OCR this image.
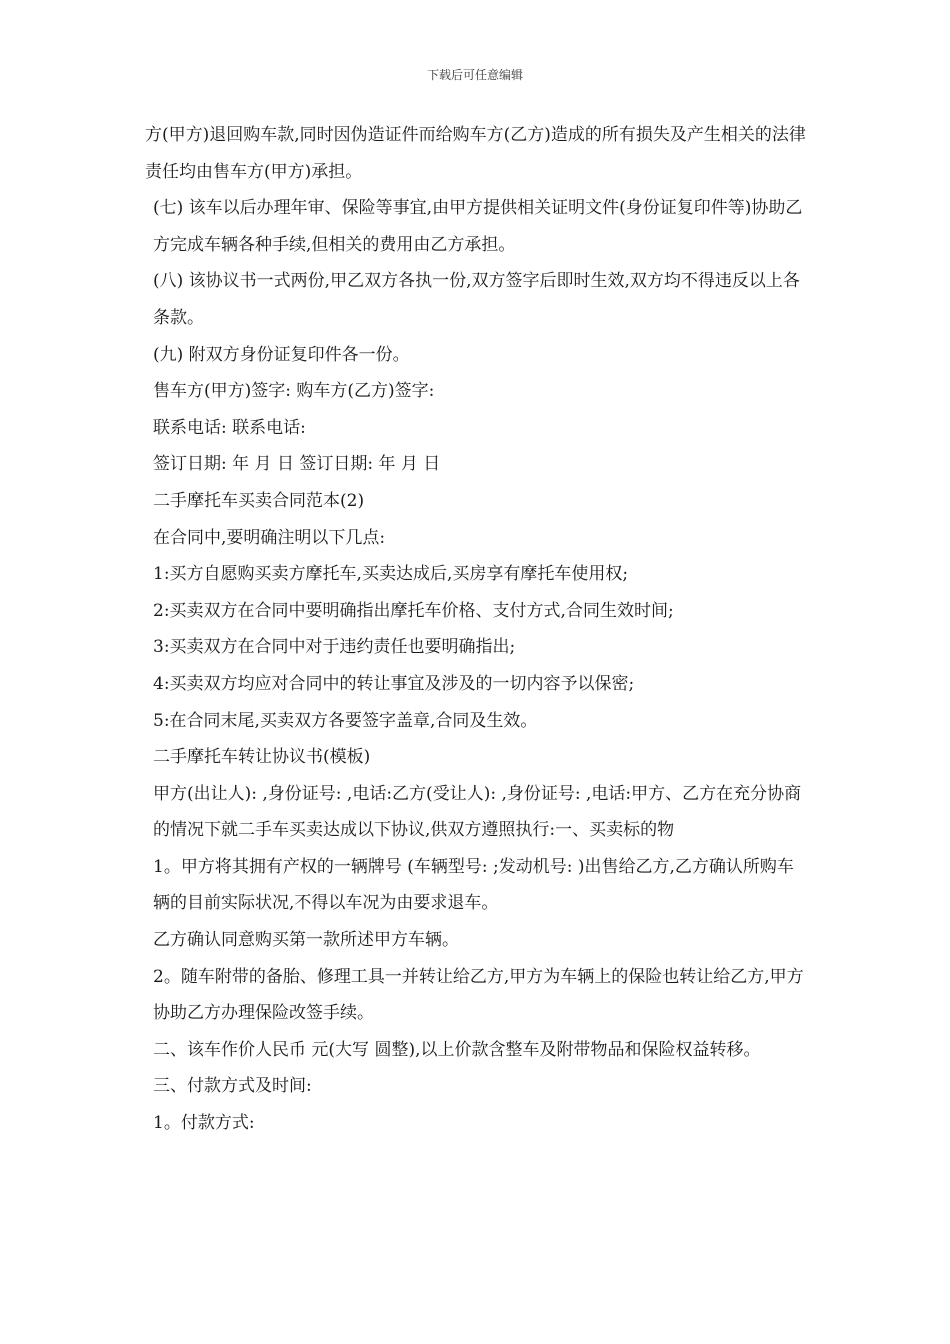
下载后可任意编辑

方(甲方)退回购车款,同时因伪造证件而给购车方(乙方)造成的所有损失及产生相关的法律责任均由售车方(甲方)承担。

(七) 该车以后办理年审、保险等事宜,由甲方提供相关证明文件(身份证复印件等)协助乙

方完成车辆各种手续,但相关的费用由乙方承担。

(八) 该协议书一式两份,甲乙双方各执一份,双方签字后即时生效,双方均不得违反以上各条款。

(九) 附双方身份证复印件各一份。

售车方(甲方)签字: 购车方(乙方)签字:

联系电话: 联系电话:

签订日期: 年 月 日 签订日期: 年 月 日

二手摩托车买卖合同范本(2)

在合同中,要明确注明以下几点:

1:买方自愿购买卖方摩托车,买卖达成后,买房享有摩托车使用权;

2:买卖双方在合同中要明确指出摩托车价格、支付方式,合同生效时间;

3:买卖双方在合同中对于违约责任也要明确指出;

4:买卖双方均应对合同中的转让事宜及涉及的一切内容予以保密;

5:在合同末尾,买卖双方各要签字盖章,合同及生效。

二手摩托车转让协议书(模板)

甲方(出让人): ,身份证号: ,电话:乙方(受让人): ,身份证号: ,电话:甲方、乙方在充分协商的情况下就二手车买卖达成以下协议,供双方遵照执行:一、买卖标的物

1。甲方将其拥有产权的一辆牌号 (车辆型号: ;发动机号: )出售给乙方,乙方确认所购车辆的目前实际状况,不得以车况为由要求退车。

乙方确认同意购买第一款所述甲方车辆。

2。随车附带的备胎、修理工具一并转让给乙方,甲方为车辆上的保险也转让给乙方,甲方协助乙方办理保险改签手续。

二、该车作价人民币 元(大写 圆整),以上价款含整车及附带物品和保险权益转移。

三、付款方式及时间:

1。付款方式:
